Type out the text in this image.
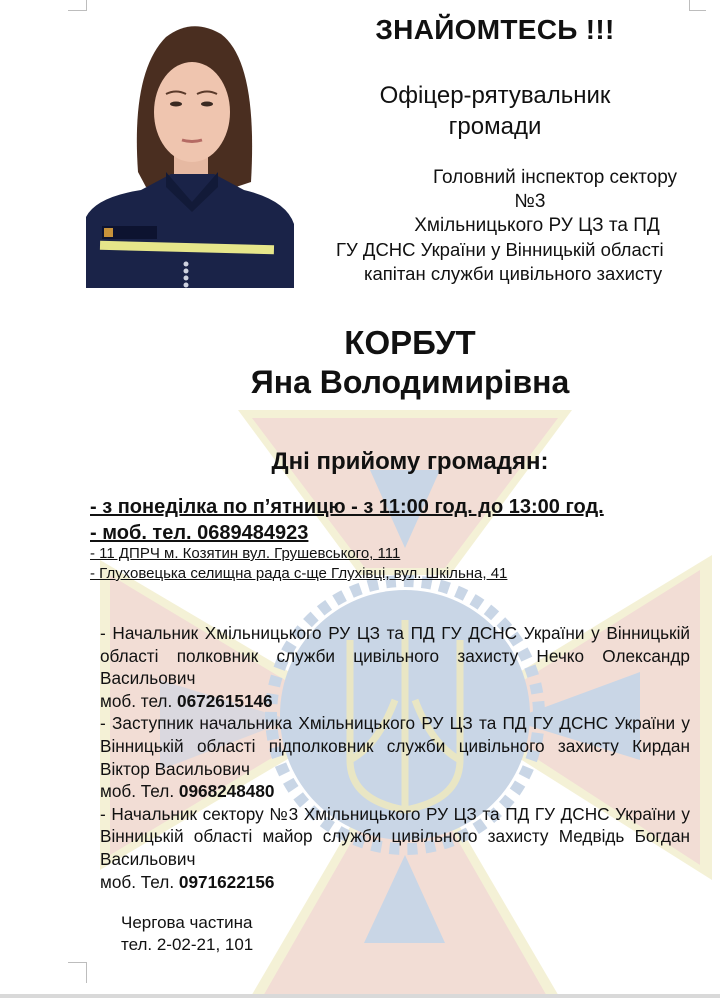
ЗНАЙОМТЕСЬ !!!
Офіцер-рятувальник
громади
Головний інспектор сектору
№3
Хмільницького РУ ЦЗ та ПД
ГУ ДСНС України у Вінницькій області
капітан служби цивільного захисту
КОРБУТ
Яна Володимирівна
Дні прийому громадян:
- з понеділка по п’ятницю - з 11:00 год. до 13:00 год.
- моб. тел. 0689484923
- 11 ДПРЧ м. Козятин вул. Грушевського, 111
- Глуховецька селищна рада с-ще Глухівці, вул. Шкільна, 41
- Начальник Хмільницького РУ ЦЗ та ПД ГУ ДСНС України у Вінницькій області полковник служби цивільного захисту Нечко Олександр Васильович
моб. тел. 0672615146
- Заступник начальника Хмільницького РУ ЦЗ та ПД ГУ ДСНС України у Вінницькій області підполковник служби цивільного захисту Кирдан Віктор Васильович
моб. Тел. 0968248480
- Начальник сектору №3 Хмільницького РУ ЦЗ та ПД ГУ ДСНС України у Вінницькій області майор служби цивільного захисту Медвідь Богдан Васильович
моб. Тел. 0971622156
Чергова частина
тел. 2-02-21, 101
